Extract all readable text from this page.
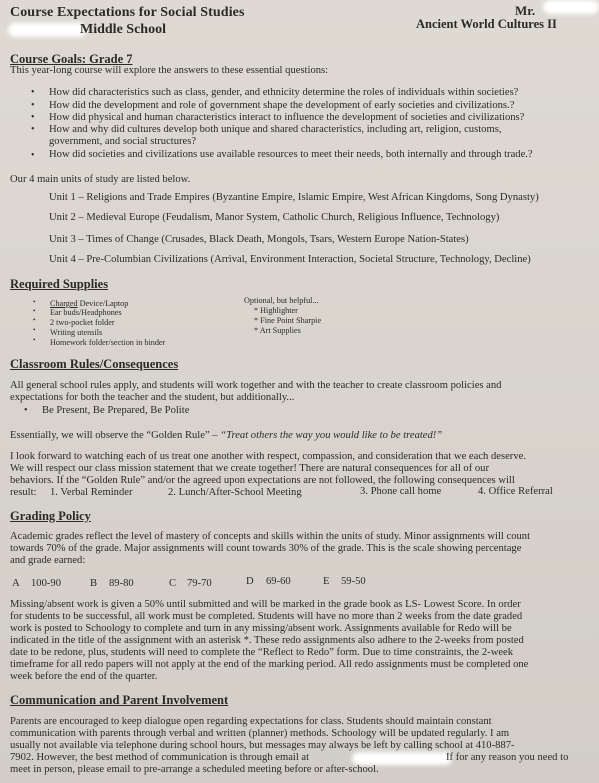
Course Expectations for Social Studies
Middle School
Mr.
Ancient World Cultures II
Course Goals: Grade 7
This year-long course will explore the answers to these essential questions:
• How did characteristics such as class, gender, and ethnicity determine the roles of individuals within societies?
• How did the development and role of government shape the development of early societies and civilizations.?
• How did physical and human characteristics interact to influence the development of societies and civilizations?
• How and why did cultures develop both unique and shared characteristics, including art, religion, customs,
government, and social structures?
• How did societies and civilizations use available resources to meet their needs, both internally and through trade.?
Our 4 main units of study are listed below.
Unit 1 – Religions and Trade Empires (Byzantine Empire, Islamic Empire, West African Kingdoms, Song Dynasty)
Unit 2 – Medieval Europe (Feudalism, Manor System, Catholic Church, Religious Influence, Technology)
Unit 3 – Times of Change (Crusades, Black Death, Mongols, Tsars, Western Europe Nation-States)
Unit 4 – Pre-Columbian Civilizations (Arrival, Environment Interaction, Societal Structure, Technology, Decline)
Required Supplies
• Charged Device/Laptop
• Ear buds/Headphones
• 2 two-pocket folder
• Writing utensils
• Homework folder/section in binder
Optional, but helpful...
* Highlighter
* Fine Point Sharpie
* Art Supplies
Classroom Rules/Consequences
All general school rules apply, and students will work together and with the teacher to create classroom policies and
expectations for both the teacher and the student, but additionally...
• Be Present, Be Prepared, Be Polite
Essentially, we will observe the “Golden Rule” – “Treat others the way you would like to be treated!”
I look forward to watching each of us treat one another with respect, compassion, and consideration that we each deserve.
We will respect our class mission statement that we create together! There are natural consequences for all of our
behaviors. If the “Golden Rule” and/or the agreed upon expectations are not followed, the following consequences will
result: 1. Verbal Reminder	2. Lunch/After-School Meeting	3. Phone call home	4. Office Referral
Grading Policy
Academic grades reflect the level of mastery of concepts and skills within the units of study. Minor assignments will count
towards 70% of the grade. Major assignments will count towards 30% of the grade. This is the scale showing percentage
and grade earned:
A 100-90	B 89-80	C 79-70	D 69-60	E 59-50
Missing/absent work is given a 50% until submitted and will be marked in the grade book as LS- Lowest Score. In order
for students to be successful, all work must be completed. Students will have no more than 2 weeks from the date graded
work is posted to Schoology to complete and turn in any missing/absent work. Assignments available for Redo will be
indicated in the title of the assignment with an asterisk *. These redo assignments also adhere to the 2-weeks from posted
date to be redone, plus, students will need to complete the “Reflect to Redo” form. Due to time constraints, the 2-week
timeframe for all redo papers will not apply at the end of the marking period. All redo assignments must be completed one
week before the end of the quarter.
Communication and Parent Involvement
Parents are encouraged to keep dialogue open regarding expectations for class. Students should maintain constant
communication with parents through verbal and written (planner) methods. Schoology will be updated regularly. I am
usually not available via telephone during school hours, but messages may always be left by calling school at 410-887-
7902. However, the best method of communication is through email at	If for any reason you need to
meet in person, please email to pre-arrange a scheduled meeting before or after-school.
